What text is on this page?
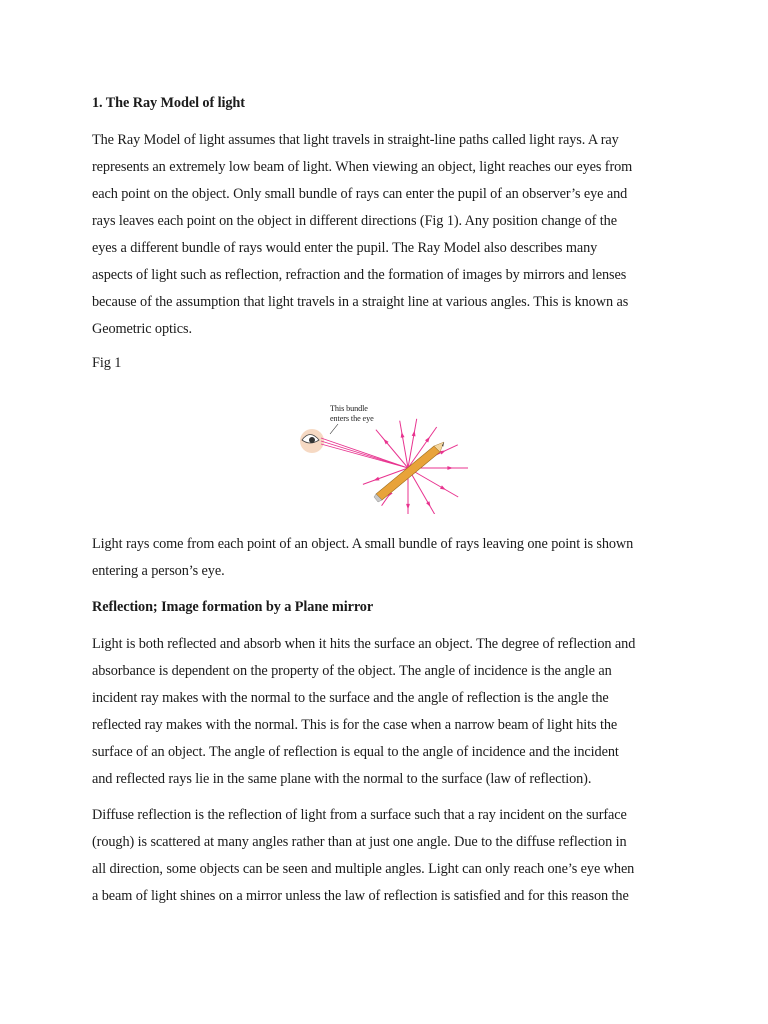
1. The Ray Model of light

The Ray Model of light assumes that light travels in straight-line paths called light rays. A ray
represents an extremely low beam of light. When viewing an object, light reaches our eyes from
each point on the object. Only small bundle of rays can enter the pupil of an observer’s eye and
rays leaves each point on the object in different directions (Fig 1). Any position change of the
eyes a different bundle of rays would enter the pupil. The Ray Model also describes many
aspects of light such as reflection, refraction and the formation of images by mirrors and lenses
because of the assumption that light travels in a straight line at various angles. This is known as
Geometric optics.

Fig 1

This bundle
enters the eye

Light rays come from each point of an object. A small bundle of rays leaving one point is shown
entering a person’s eye.

Reflection; Image formation by a Plane mirror

Light is both reflected and absorb when it hits the surface an object. The degree of reflection and
absorbance is dependent on the property of the object. The angle of incidence is the angle an
incident ray makes with the normal to the surface and the angle of reflection is the angle the
reflected ray makes with the normal. This is for the case when a narrow beam of light hits the
surface of an object. The angle of reflection is equal to the angle of incidence and the incident
and reflected rays lie in the same plane with the normal to the surface (law of reflection).

Diffuse reflection is the reflection of light from a surface such that a ray incident on the surface
(rough) is scattered at many angles rather than at just one angle. Due to the diffuse reflection in
all direction, some objects can be seen and multiple angles. Light can only reach one’s eye when
a beam of light shines on a mirror unless the law of reflection is satisfied and for this reason the
